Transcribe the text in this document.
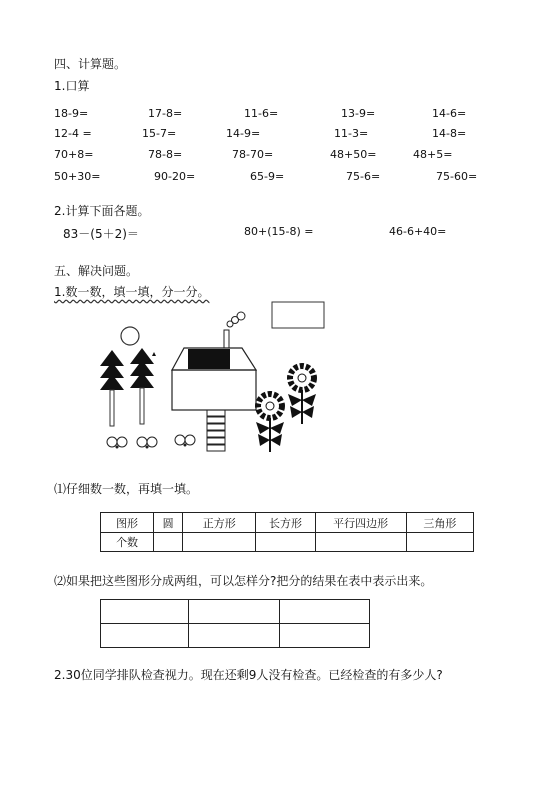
四、计算题。
1.口算
18-9=	17-8=	11-6=	13-9=	14-6=
12-4 =	15-7=	14-9=	11-3=	14-8=
70+8=	78-8=	78-70=	48+50=	48+5=
50+30=	90-20=	65-9=	75-6=	75-60=
2.计算下面各题。
83－(5＋2)＝	80+(15-8) =	46-6+40=
五、解决问题。
1.数一数，填一填，分一分。
⑴仔细数一数，再填一填。
图形	圆	正方形	长方形	平行四边形	三角形
个数					
⑵如果把这些图形分成两组，可以怎样分?把分的结果在表中表示出来。

2.30位同学排队检查视力。现在还剩9人没有检查。已经检查的有多少人?
